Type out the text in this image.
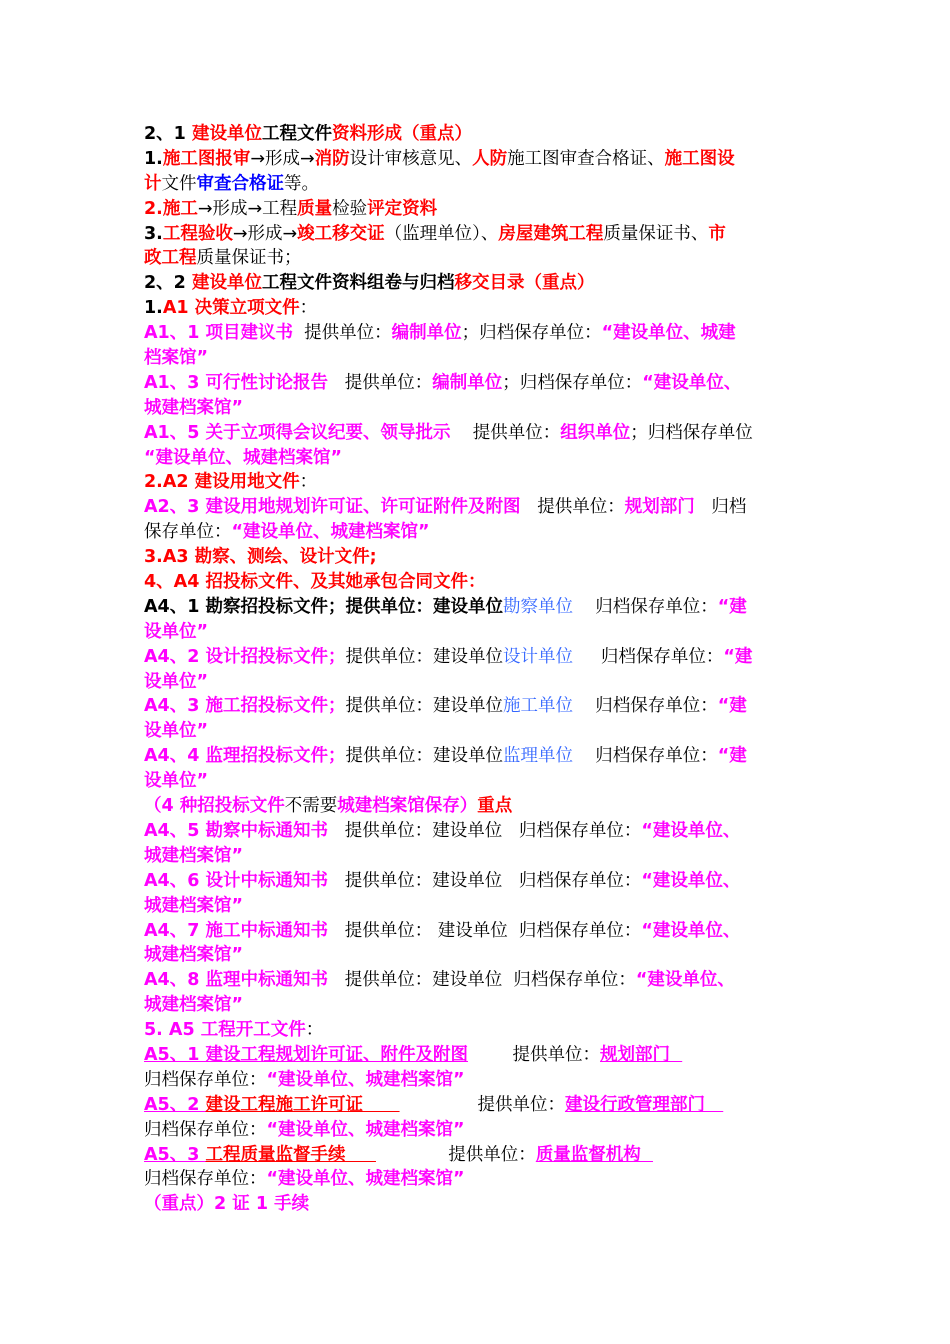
2、1 建设单位工程文件资料形成（重点）
1.施工图报审→形成→消防设计审核意见、人防施工图审查合格证、施工图设
计文件审查合格证等。
2.施工→形成→工程质量检验评定资料
3.工程验收→形成→竣工移交证（监理单位）、房屋建筑工程质量保证书、市
政工程质量保证书；
2、2 建设单位工程文件资料组卷与归档移交目录（重点）
1.A1 决策立项文件：
A1、1 项目建议书  提供单位：编制单位；归档保存单位：“建设单位、城建
档案馆”
A1、3 可行性讨论报告   提供单位：编制单位；归档保存单位：“建设单位、
城建档案馆”
A1、5 关于立项得会议纪要、领导批示    提供单位：组织单位；归档保存单位
“建设单位、城建档案馆”
2.A2 建设用地文件：
A2、3 建设用地规划许可证、许可证附件及附图   提供单位：规划部门   归档
保存单位：“建设单位、城建档案馆”
3.A3 勘察、测绘、设计文件;
4、A4 招投标文件、及其她承包合同文件：
A4、1 勘察招投标文件；提供单位：建设单位勘察单位    归档保存单位：“建
设单位”
A4、2 设计招投标文件；提供单位：建设单位设计单位     归档保存单位：“建
设单位”
A4、3 施工招投标文件；提供单位：建设单位施工单位    归档保存单位：“建
设单位”
A4、4 监理招投标文件；提供单位：建设单位监理单位    归档保存单位：“建
设单位”
（4 种招投标文件不需要城建档案馆保存）重点
A4、5 勘察中标通知书   提供单位：建设单位   归档保存单位：“建设单位、
城建档案馆”
A4、6 设计中标通知书   提供单位：建设单位   归档保存单位：“建设单位、
城建档案馆”
A4、7 施工中标通知书   提供单位： 建设单位  归档保存单位：“建设单位、
城建档案馆”
A4、8 监理中标通知书   提供单位：建设单位  归档保存单位：“建设单位、
城建档案馆”
5. A5 工程开工文件：
A5、1 建设工程规划许可证、附件及附图        提供单位：规划部门
归档保存单位：“建设单位、城建档案馆”
A5、2 建设工程施工许可证                    提供单位：建设行政管理部门
归档保存单位：“建设单位、城建档案馆”
A5、3 工程质量监督手续                  提供单位：质量监督机构
归档保存单位：“建设单位、城建档案馆”
（重点）2 证 1 手续
